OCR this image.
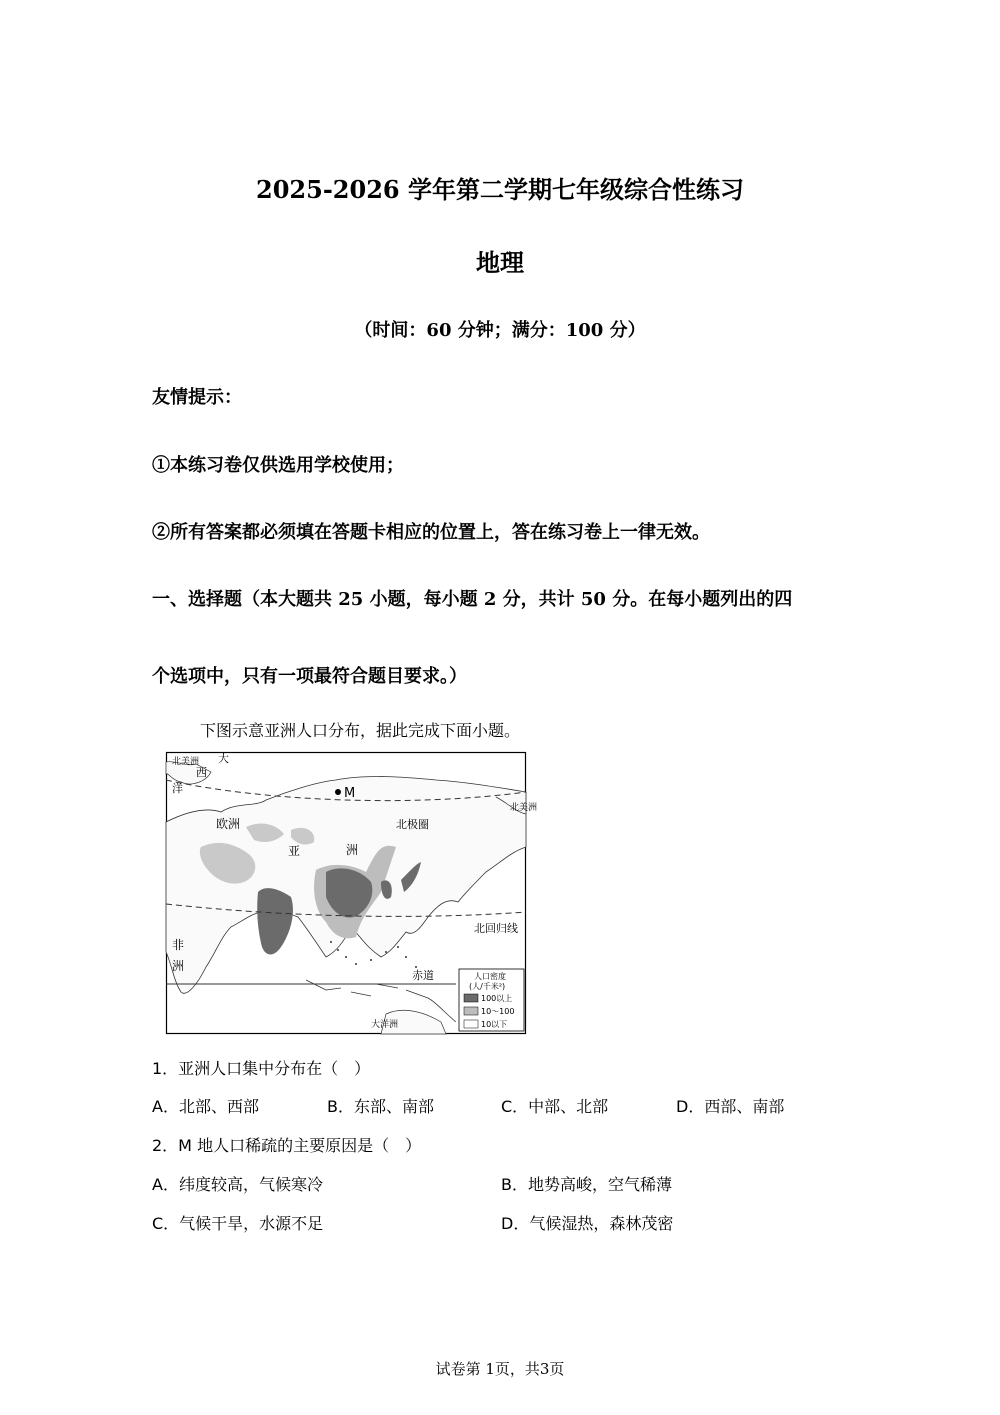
2025-2026 学年第二学期七年级综合性练习
地理
（时间：60 分钟；满分：100 分）
友情提示：
①本练习卷仅供选用学校使用；
②所有答案都必须填在答题卡相应的位置上，答在练习卷上一律无效。
一、选择题（本大题共 25 小题，每小题 2 分，共计 50 分。在每小题列出的四
个选项中，只有一项最符合题目要求。）
下图示意亚洲人口分布，据此完成下面小题。
北美洲 大
西
洋	M
北美洲
北极圈
欧洲
亚	洲
非
洲
北回归线
赤道
大洋洲
人口密度
(人/千米²)
100以上
10～100
10以下
1．亚洲人口集中分布在（　）
A．北部、西部	B．东部、南部	C．中部、北部	D．西部、南部
2．M 地人口稀疏的主要原因是（　）
A．纬度较高，气候寒冷	B．地势高峻，空气稀薄
C．气候干旱，水源不足	D．气候湿热，森林茂密
试卷第 1页，共3页
